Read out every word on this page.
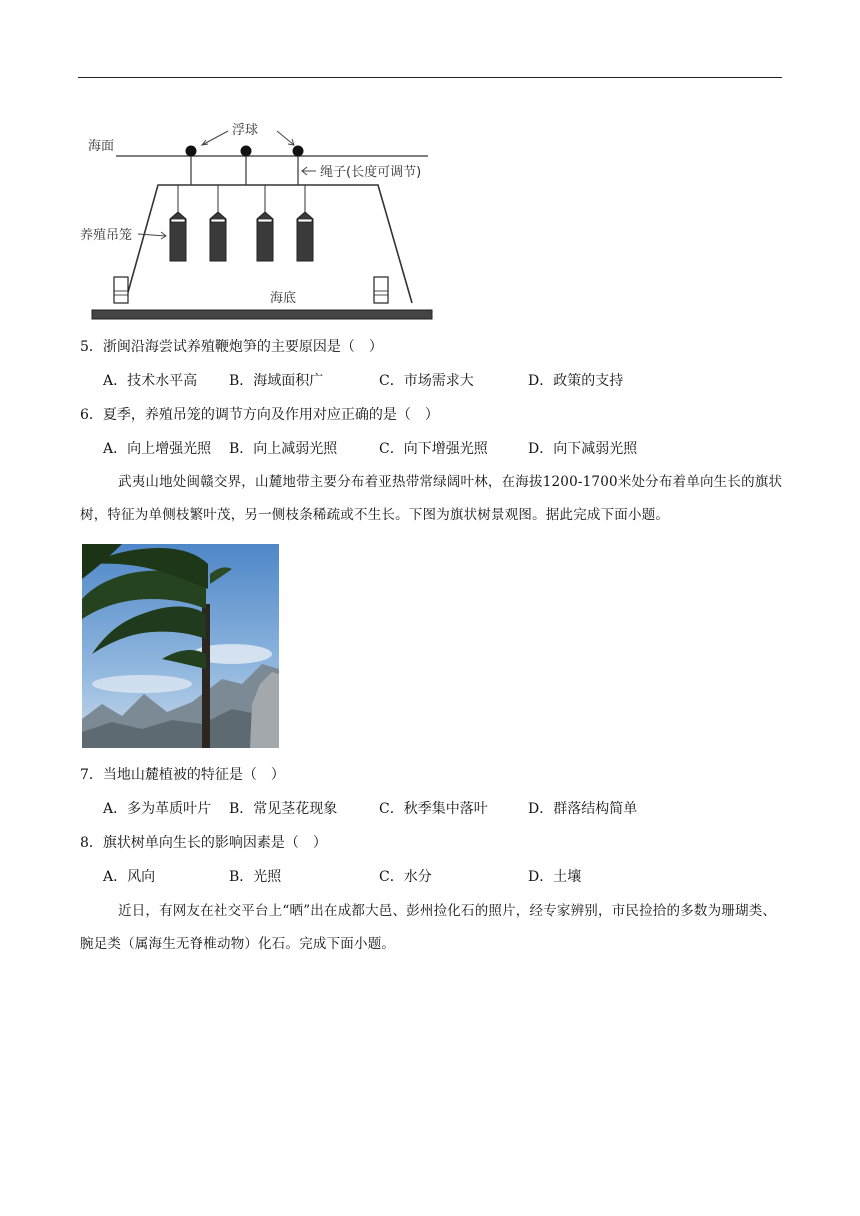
海面
浮球
绳子(长度可调节)
养殖吊笼
海底
5．浙闽沿海尝试养殖鞭炮笋的主要原因是（　）
A．技术水平高 B．海域面积广	C．市场需求大	D．政策的支持
6．夏季，养殖吊笼的调节方向及作用对应正确的是（　）
A．向上增强光照 B．向上减弱光照	C．向下增强光照	D．向下减弱光照
武夷山地处闽赣交界，山麓地带主要分布着亚热带常绿阔叶林，在海拔1200-1700米处分布着单向生长的旗状树，特征为单侧枝繁叶茂，另一侧枝条稀疏或不生长。下图为旗状树景观图。据此完成下面小题。
7．当地山麓植被的特征是（　）
A．多为革质叶片 B．常见茎花现象	C．秋季集中落叶	D．群落结构简单
8．旗状树单向生长的影响因素是（　）
A．风向	B．光照	C．水分	D．土壤
近日，有网友在社交平台上“晒”出在成都大邑、彭州捡化石的照片，经专家辨别，市民捡拾的多数为珊瑚类、腕足类（属海生无脊椎动物）化石。完成下面小题。
